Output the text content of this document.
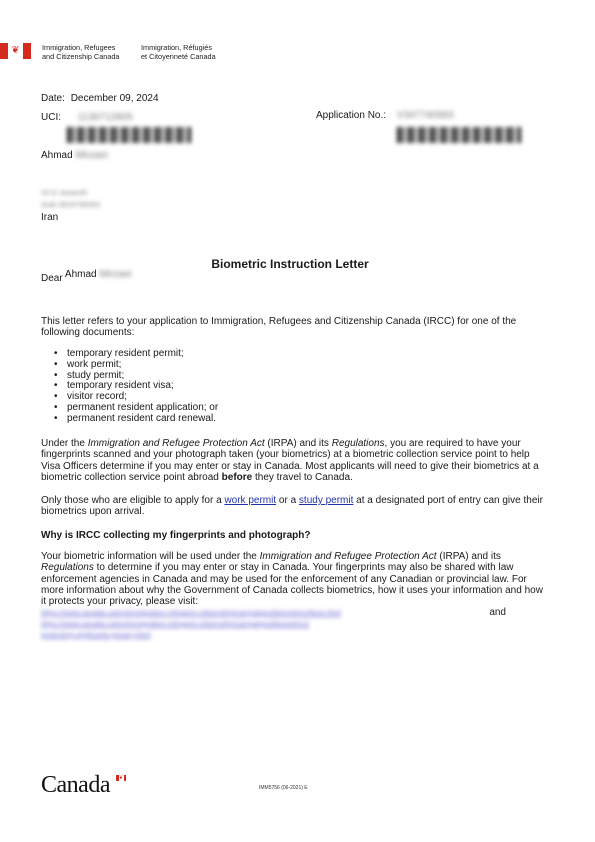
❦	Immigration, Refugees
and Citizenship Canada
Immigration, Réfugiés
et Citoyenneté Canada
Date: December 09, 2024
UCI: 1136712805	Application No.: V347740583
Ahmad Mirzaei
20-S Javaneh
Arak 0816798354
Iran
Biometric Instruction Letter
Dear Ahmad Mirzaei

This letter refers to your application to Immigration, Refugees and Citizenship Canada (IRCC) for one of the following documents:

• temporary resident permit;
• work permit;
• study permit;
• temporary resident visa;
• visitor record;
• permanent resident application; or
• permanent resident card renewal.

Under the Immigration and Refugee Protection Act (IRPA) and its Regulations, you are required to have your fingerprints scanned and your photograph taken (your biometrics) at a biometric collection service point to help Visa Officers determine if you may enter or stay in Canada. Most applicants will need to give their biometrics at a biometric collection service point abroad before they travel to Canada.

Only those who are eligible to apply for a work permit or a study permit at a designated port of entry can give their biometrics upon arrival.

Why is IRCC collecting my fingerprints and photograph?

Your biometric information will be used under the Immigration and Refugee Protection Act (IRPA) and its Regulations to determine if you may enter or stay in Canada. Your fingerprints may also be shared with law enforcement agencies in Canada and may be used for the enforcement of any Canadian or provincial law. For more information about why the Government of Canada collects biometrics, how it uses your information and how it protects your privacy, please visit:

https://www.canada.ca/en/immigration-refugees-citizenship/campaigns/biometrics/facts.html	and
https://www.canada.ca/en/immigration-refugees-citizenship/campaigns/biometrics/
protecting-applicants-privacy.html
Canada ❦
IMM5756 (06-2021) E
